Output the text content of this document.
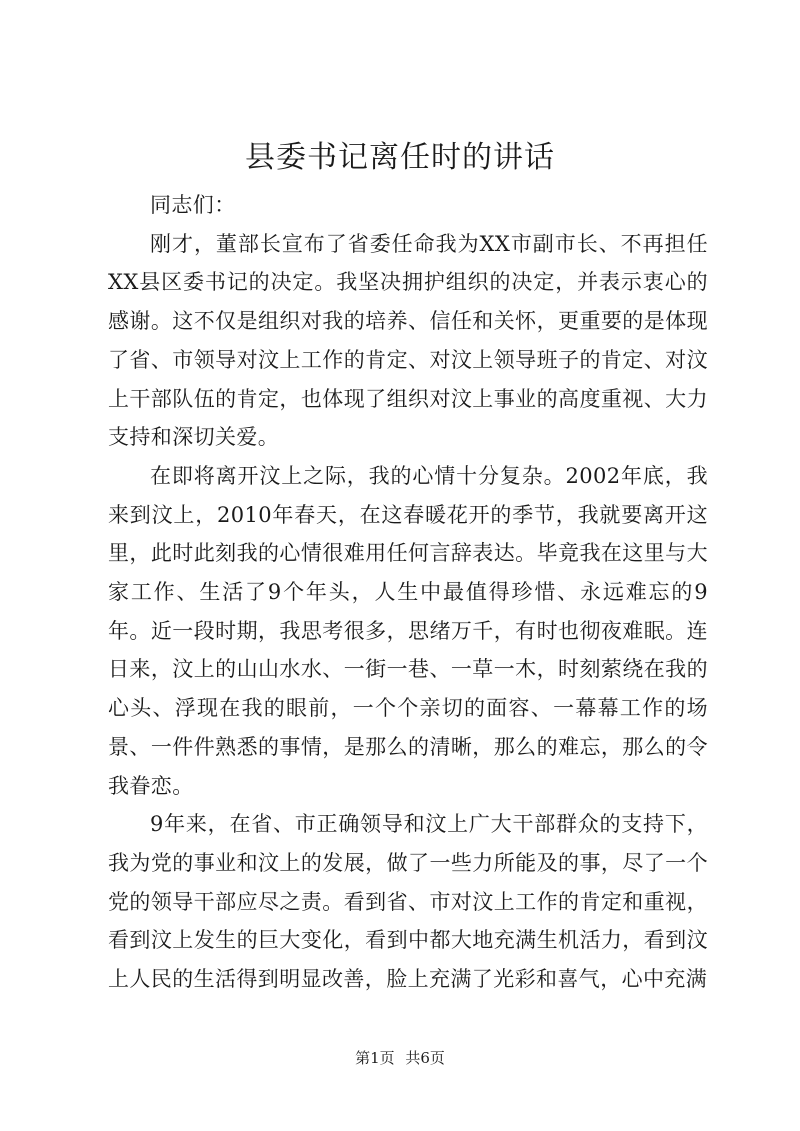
县委书记离任时的讲话

同志们：

刚才，董部长宣布了省委任命我为XX市副市长、不再担任XX县区委书记的决定。我坚决拥护组织的决定，并表示衷心的感谢。这不仅是组织对我的培养、信任和关怀，更重要的是体现了省、市领导对汶上工作的肯定、对汶上领导班子的肯定、对汶上干部队伍的肯定，也体现了组织对汶上事业的高度重视、大力支持和深切关爱。

在即将离开汶上之际，我的心情十分复杂。2002年底，我来到汶上，2010年春天，在这春暖花开的季节，我就要离开这里，此时此刻我的心情很难用任何言辞表达。毕竟我在这里与大家工作、生活了9个年头，人生中最值得珍惜、永远难忘的9年。近一段时期，我思考很多，思绪万千，有时也彻夜难眠。连日来，汶上的山山水水、一街一巷、一草一木，时刻萦绕在我的心头、浮现在我的眼前，一个个亲切的面容、一幕幕工作的场景、一件件熟悉的事情，是那么的清晰，那么的难忘，那么的令我眷恋。

9年来，在省、市正确领导和汶上广大干部群众的支持下，我为党的事业和汶上的发展，做了一些力所能及的事，尽了一个党的领导干部应尽之责。看到省、市对汶上工作的肯定和重视，看到汶上发生的巨大变化，看到中都大地充满生机活力，看到汶上人民的生活得到明显改善，脸上充满了光彩和喜气，心中充满

第1页 共6页
